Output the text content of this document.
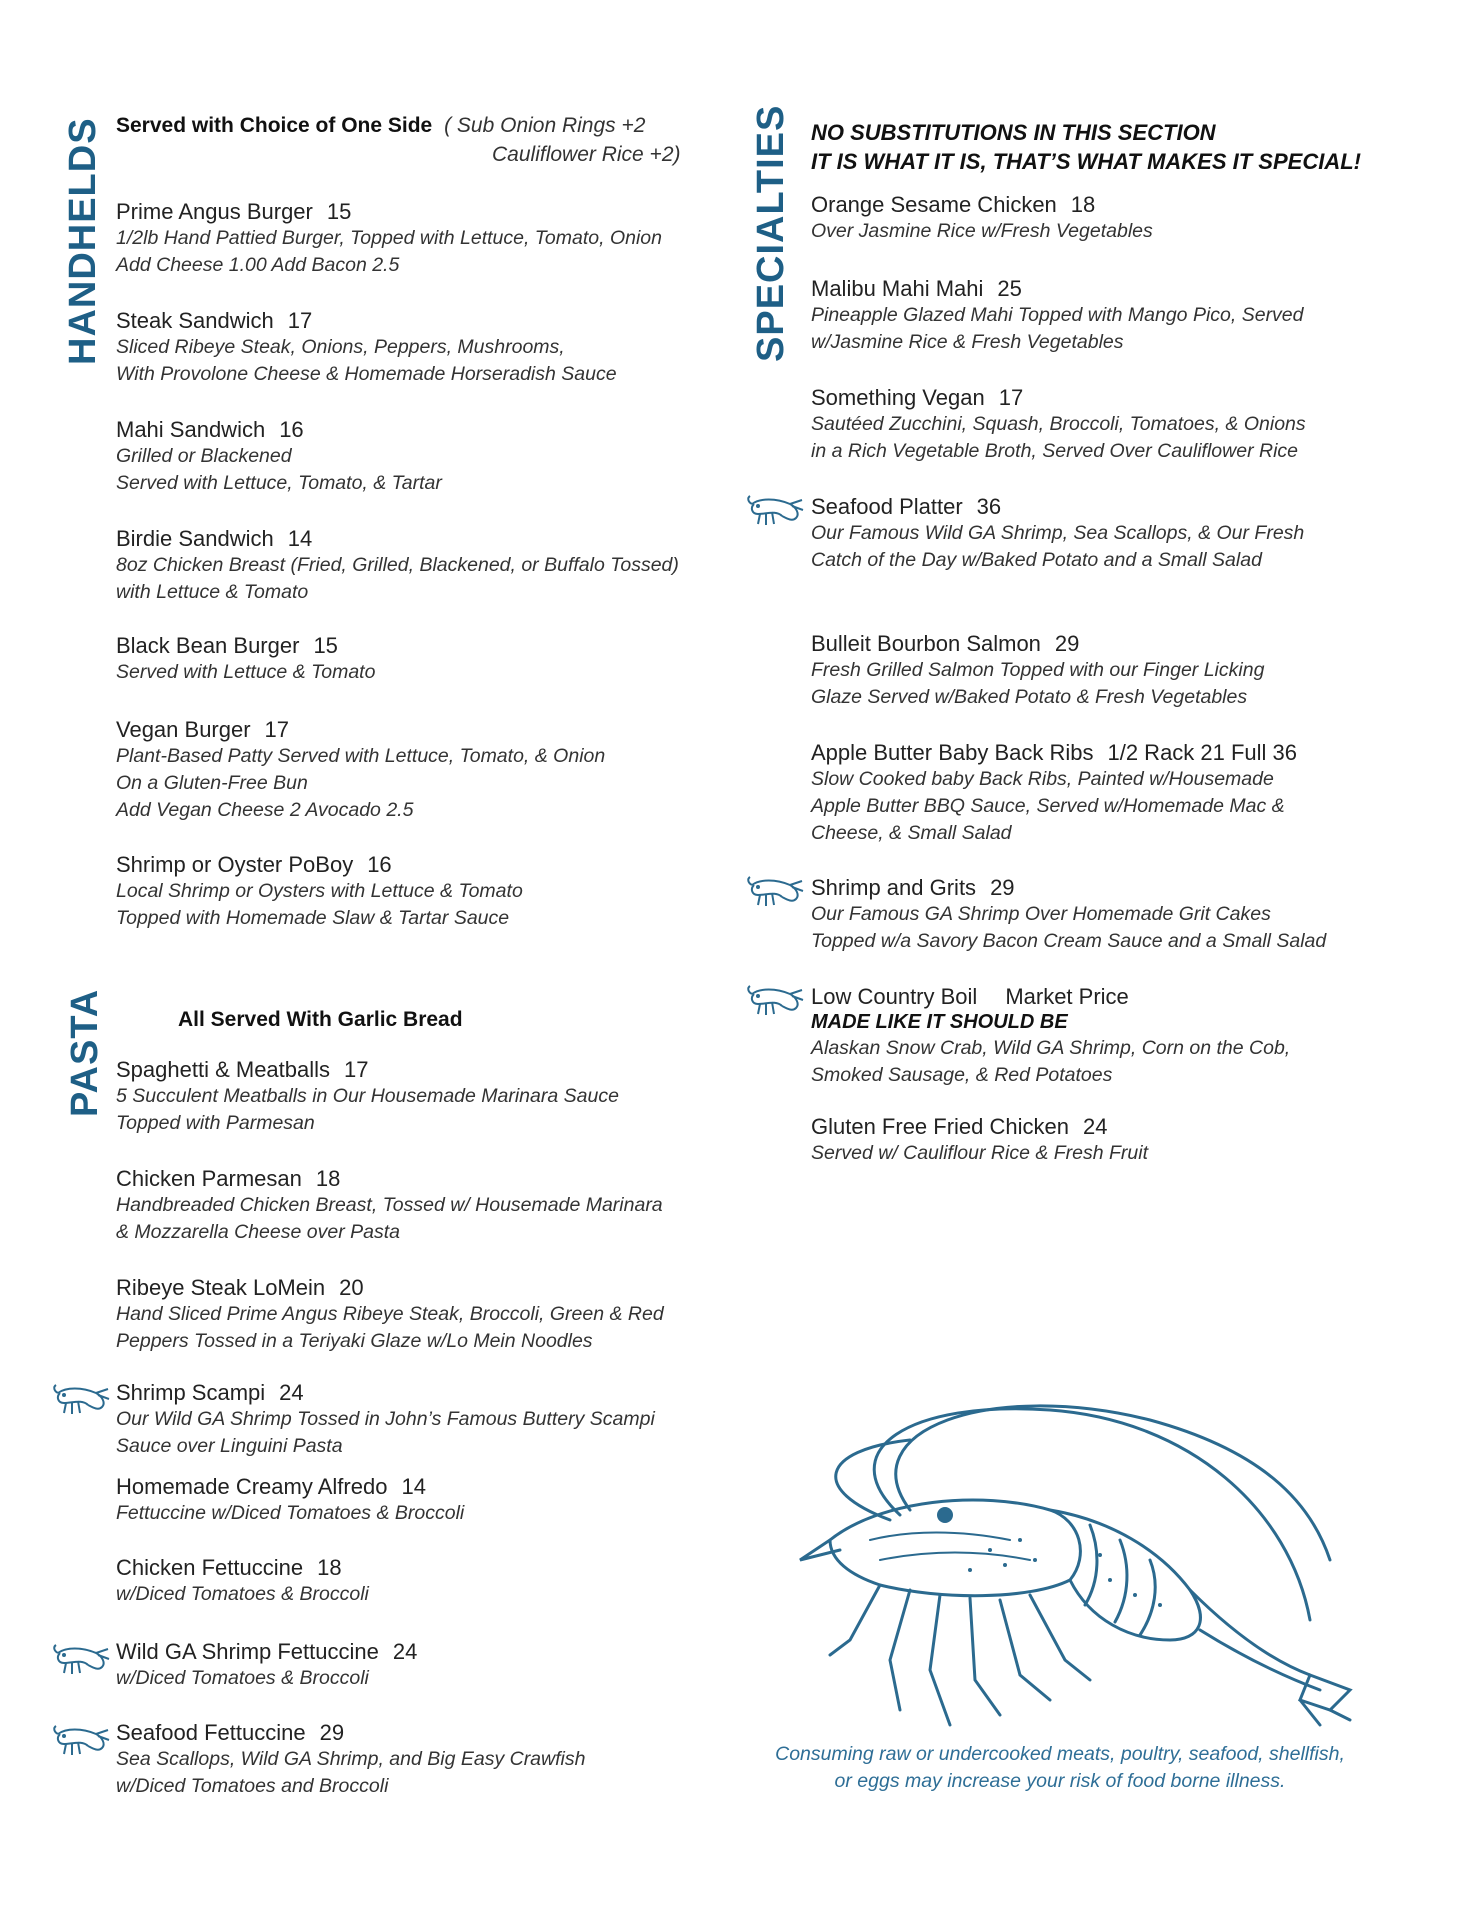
HANDHELDS
PASTA
SPECIALTIES
Served with Choice of One Side ( Sub Onion Rings +2
Cauliflower Rice +2)
Prime Angus Burger 15
1/2lb Hand Pattied Burger, Topped with Lettuce, Tomato, Onion
Add Cheese 1.00 Add Bacon 2.5
Steak Sandwich 17
Sliced Ribeye Steak, Onions, Peppers, Mushrooms,
With Provolone Cheese & Homemade Horseradish Sauce
Mahi Sandwich 16
Grilled or Blackened
Served with Lettuce, Tomato, & Tartar
Birdie Sandwich 14
8oz Chicken Breast (Fried, Grilled, Blackened, or Buffalo Tossed)
with Lettuce & Tomato
Black Bean Burger 15
Served with Lettuce & Tomato
Vegan Burger 17
Plant-Based Patty Served with Lettuce, Tomato, & Onion
On a Gluten-Free Bun
Add Vegan Cheese 2 Avocado 2.5
Shrimp or Oyster PoBoy 16
Local Shrimp or Oysters with Lettuce & Tomato
Topped with Homemade Slaw & Tartar Sauce
All Served With Garlic Bread
Spaghetti & Meatballs 17
5 Succulent Meatballs in Our Housemade Marinara Sauce
Topped with Parmesan
Chicken Parmesan 18
Handbreaded Chicken Breast, Tossed w/ Housemade Marinara
& Mozzarella Cheese over Pasta
Ribeye Steak LoMein 20
Hand Sliced Prime Angus Ribeye Steak, Broccoli, Green & Red
Peppers Tossed in a Teriyaki Glaze w/Lo Mein Noodles
Shrimp Scampi 24
Our Wild GA Shrimp Tossed in John’s Famous Buttery Scampi
Sauce over Linguini Pasta
Homemade Creamy Alfredo 14
Fettuccine w/Diced Tomatoes & Broccoli
Chicken Fettuccine 18
w/Diced Tomatoes & Broccoli
Wild GA Shrimp Fettuccine 24
w/Diced Tomatoes & Broccoli
Seafood Fettuccine 29
Sea Scallops, Wild GA Shrimp, and Big Easy Crawfish
w/Diced Tomatoes and Broccoli
NO SUBSTITUTIONS IN THIS SECTION
IT IS WHAT IT IS, THAT’S WHAT MAKES IT SPECIAL!
Orange Sesame Chicken 18
Over Jasmine Rice w/Fresh Vegetables
Malibu Mahi Mahi 25
Pineapple Glazed Mahi Topped with Mango Pico, Served
w/Jasmine Rice & Fresh Vegetables
Something Vegan 17
Sautéed Zucchini, Squash, Broccoli, Tomatoes, & Onions
in a Rich Vegetable Broth, Served Over Cauliflower Rice
Seafood Platter 36
Our Famous Wild GA Shrimp, Sea Scallops, & Our Fresh
Catch of the Day w/Baked Potato and a Small Salad
Bulleit Bourbon Salmon 29
Fresh Grilled Salmon Topped with our Finger Licking
Glaze Served w/Baked Potato & Fresh Vegetables
Apple Butter Baby Back Ribs 1/2 Rack 21 Full 36
Slow Cooked baby Back Ribs, Painted w/Housemade
Apple Butter BBQ Sauce, Served w/Homemade Mac &
Cheese, & Small Salad
Shrimp and Grits 29
Our Famous GA Shrimp Over Homemade Grit Cakes
Topped w/a Savory Bacon Cream Sauce and a Small Salad
Low Country Boil Market Price
MADE LIKE IT SHOULD BE
Alaskan Snow Crab, Wild GA Shrimp, Corn on the Cob,
Smoked Sausage, & Red Potatoes
Gluten Free Fried Chicken 24
Served w/ Cauliflour Rice & Fresh Fruit
Consuming raw or undercooked meats, poultry, seafood, shellfish,
or eggs may increase your risk of food borne illness.
